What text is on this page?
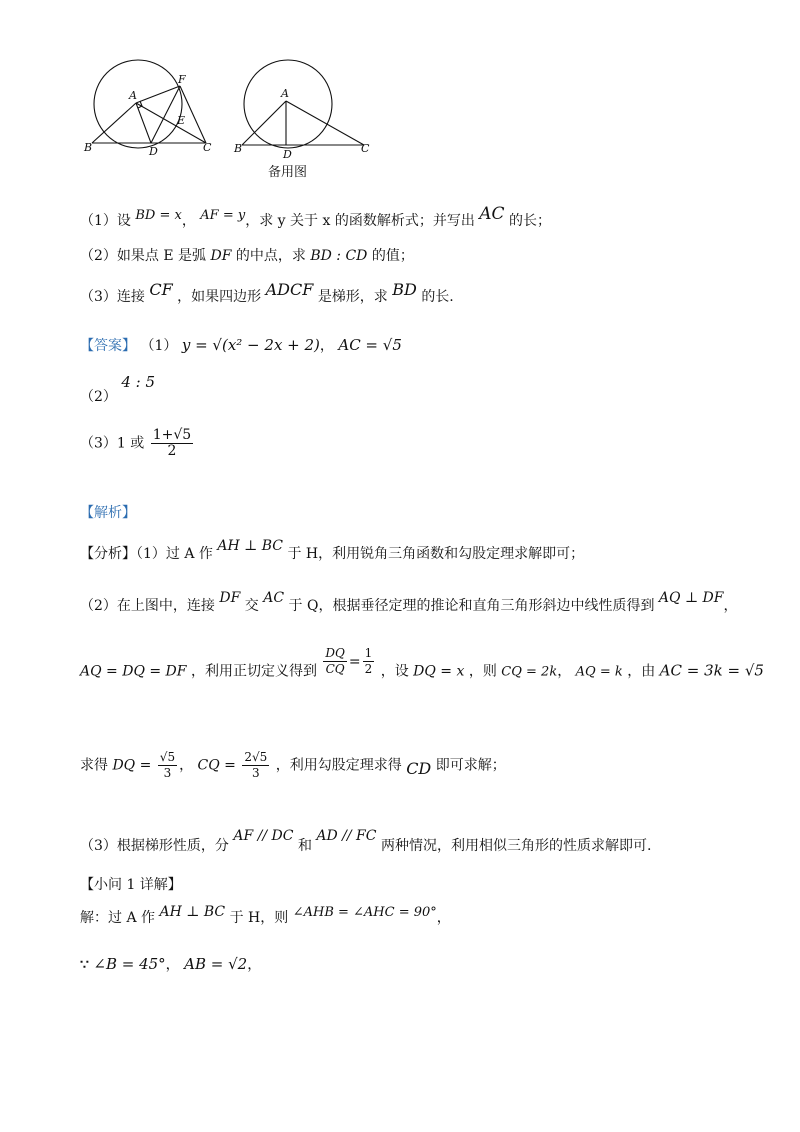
A
B	C
D
E
F
A
B	C
D
备用图
（1）设 BD = x， AF = y，求 y 关于 x 的函数解析式；并写出 AC 的长；
（2）如果点 E 是弧 DF 的中点，求 BD : CD 的值；
（3）连接 CF ，如果四边形 ADCF 是梯形，求 BD 的长.
【答案】 （1） y = √(x² − 2x + 2)， AC = √5
（2） 4 : 5
（3）1 或 $\frac{1+√5}{2}$
【解析】
【分析】（1）过 A 作 AH ⊥ BC 于 H，利用锐角三角函数和勾股定理求解即可；
（2）在上图中，连接 DF 交 AC 于 Q，根据垂径定理的推论和直角三角形斜边中线性质得到 AQ ⊥ DF，
AQ = DQ = DF ，利用正切定义得到 $\frac{DQ}{CQ} = \frac{1}{2}$ ，设 DQ = x ，则 CQ = 2k， AQ = k ，由 AC = 3k = √5
求得 DQ = $\frac{√5}{3}$ ， CQ = $\frac{2√5}{3}$ ，利用勾股定理求得 CD 即可求解；
（3）根据梯形性质，分 AF // DC 和 AD // FC 两种情况，利用相似三角形的性质求解即可.
【小问 1 详解】
解：过 A 作 AH ⊥ BC 于 H，则 ∠AHB = ∠AHC = 90°，
∵ ∠B = 45°， AB = √2，
